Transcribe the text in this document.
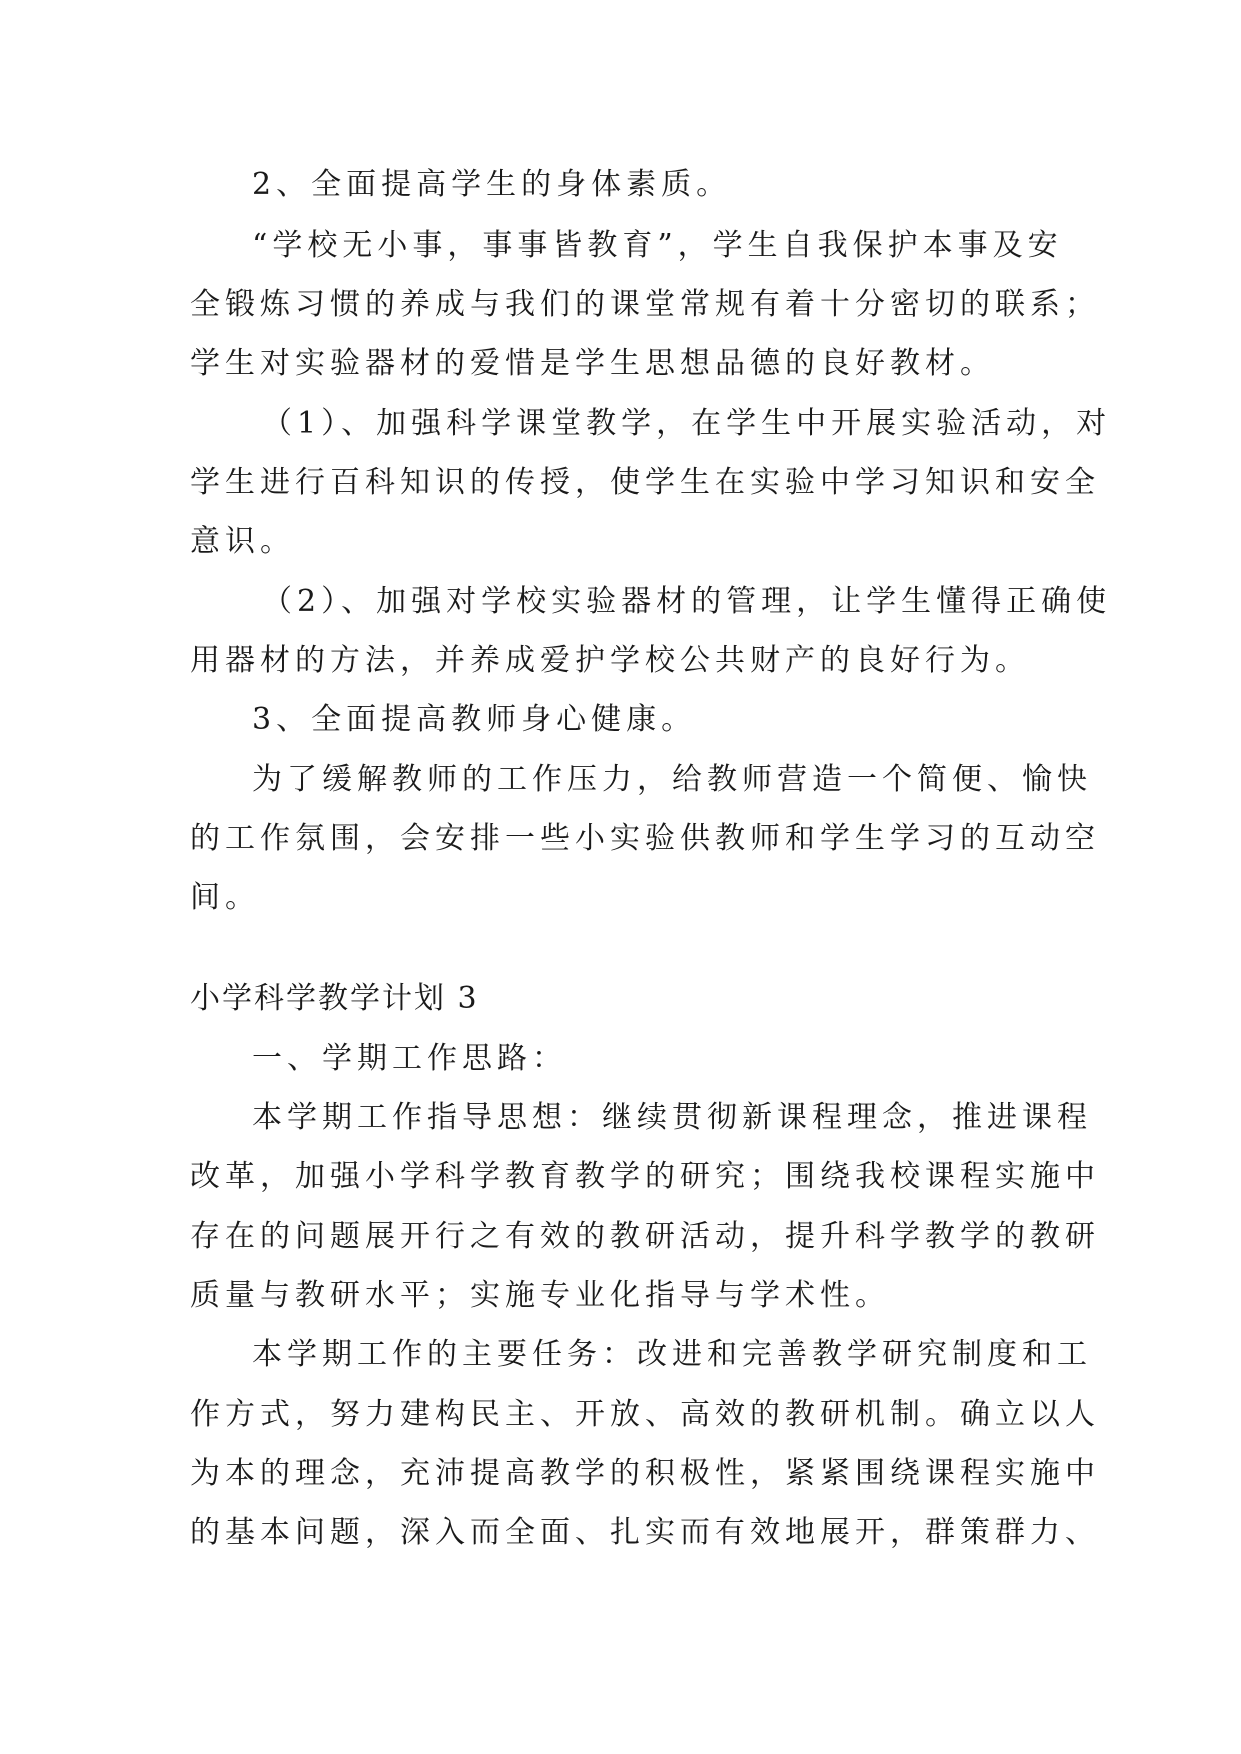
2、全面提高学生的身体素质。
“学校无小事，事事皆教育”，学生自我保护本事及安
全锻炼习惯的养成与我们的课堂常规有着十分密切的联系；
学生对实验器材的爱惜是学生思想品德的良好教材。
（1）、加强科学课堂教学，在学生中开展实验活动，对
学生进行百科知识的传授，使学生在实验中学习知识和安全
意识。
（2）、加强对学校实验器材的管理，让学生懂得正确使
用器材的方法，并养成爱护学校公共财产的良好行为。
3、全面提高教师身心健康。
为了缓解教师的工作压力，给教师营造一个简便、愉快
的工作氛围，会安排一些小实验供教师和学生学习的互动空
间。
小学科学教学计划 3
一、学期工作思路：
本学期工作指导思想：继续贯彻新课程理念，推进课程
改革，加强小学科学教育教学的研究；围绕我校课程实施中
存在的问题展开行之有效的教研活动，提升科学教学的教研
质量与教研水平；实施专业化指导与学术性。
本学期工作的主要任务：改进和完善教学研究制度和工
作方式，努力建构民主、开放、高效的教研机制。确立以人
为本的理念，充沛提高教学的积极性，紧紧围绕课程实施中
的基本问题，深入而全面、扎实而有效地展开，群策群力、
